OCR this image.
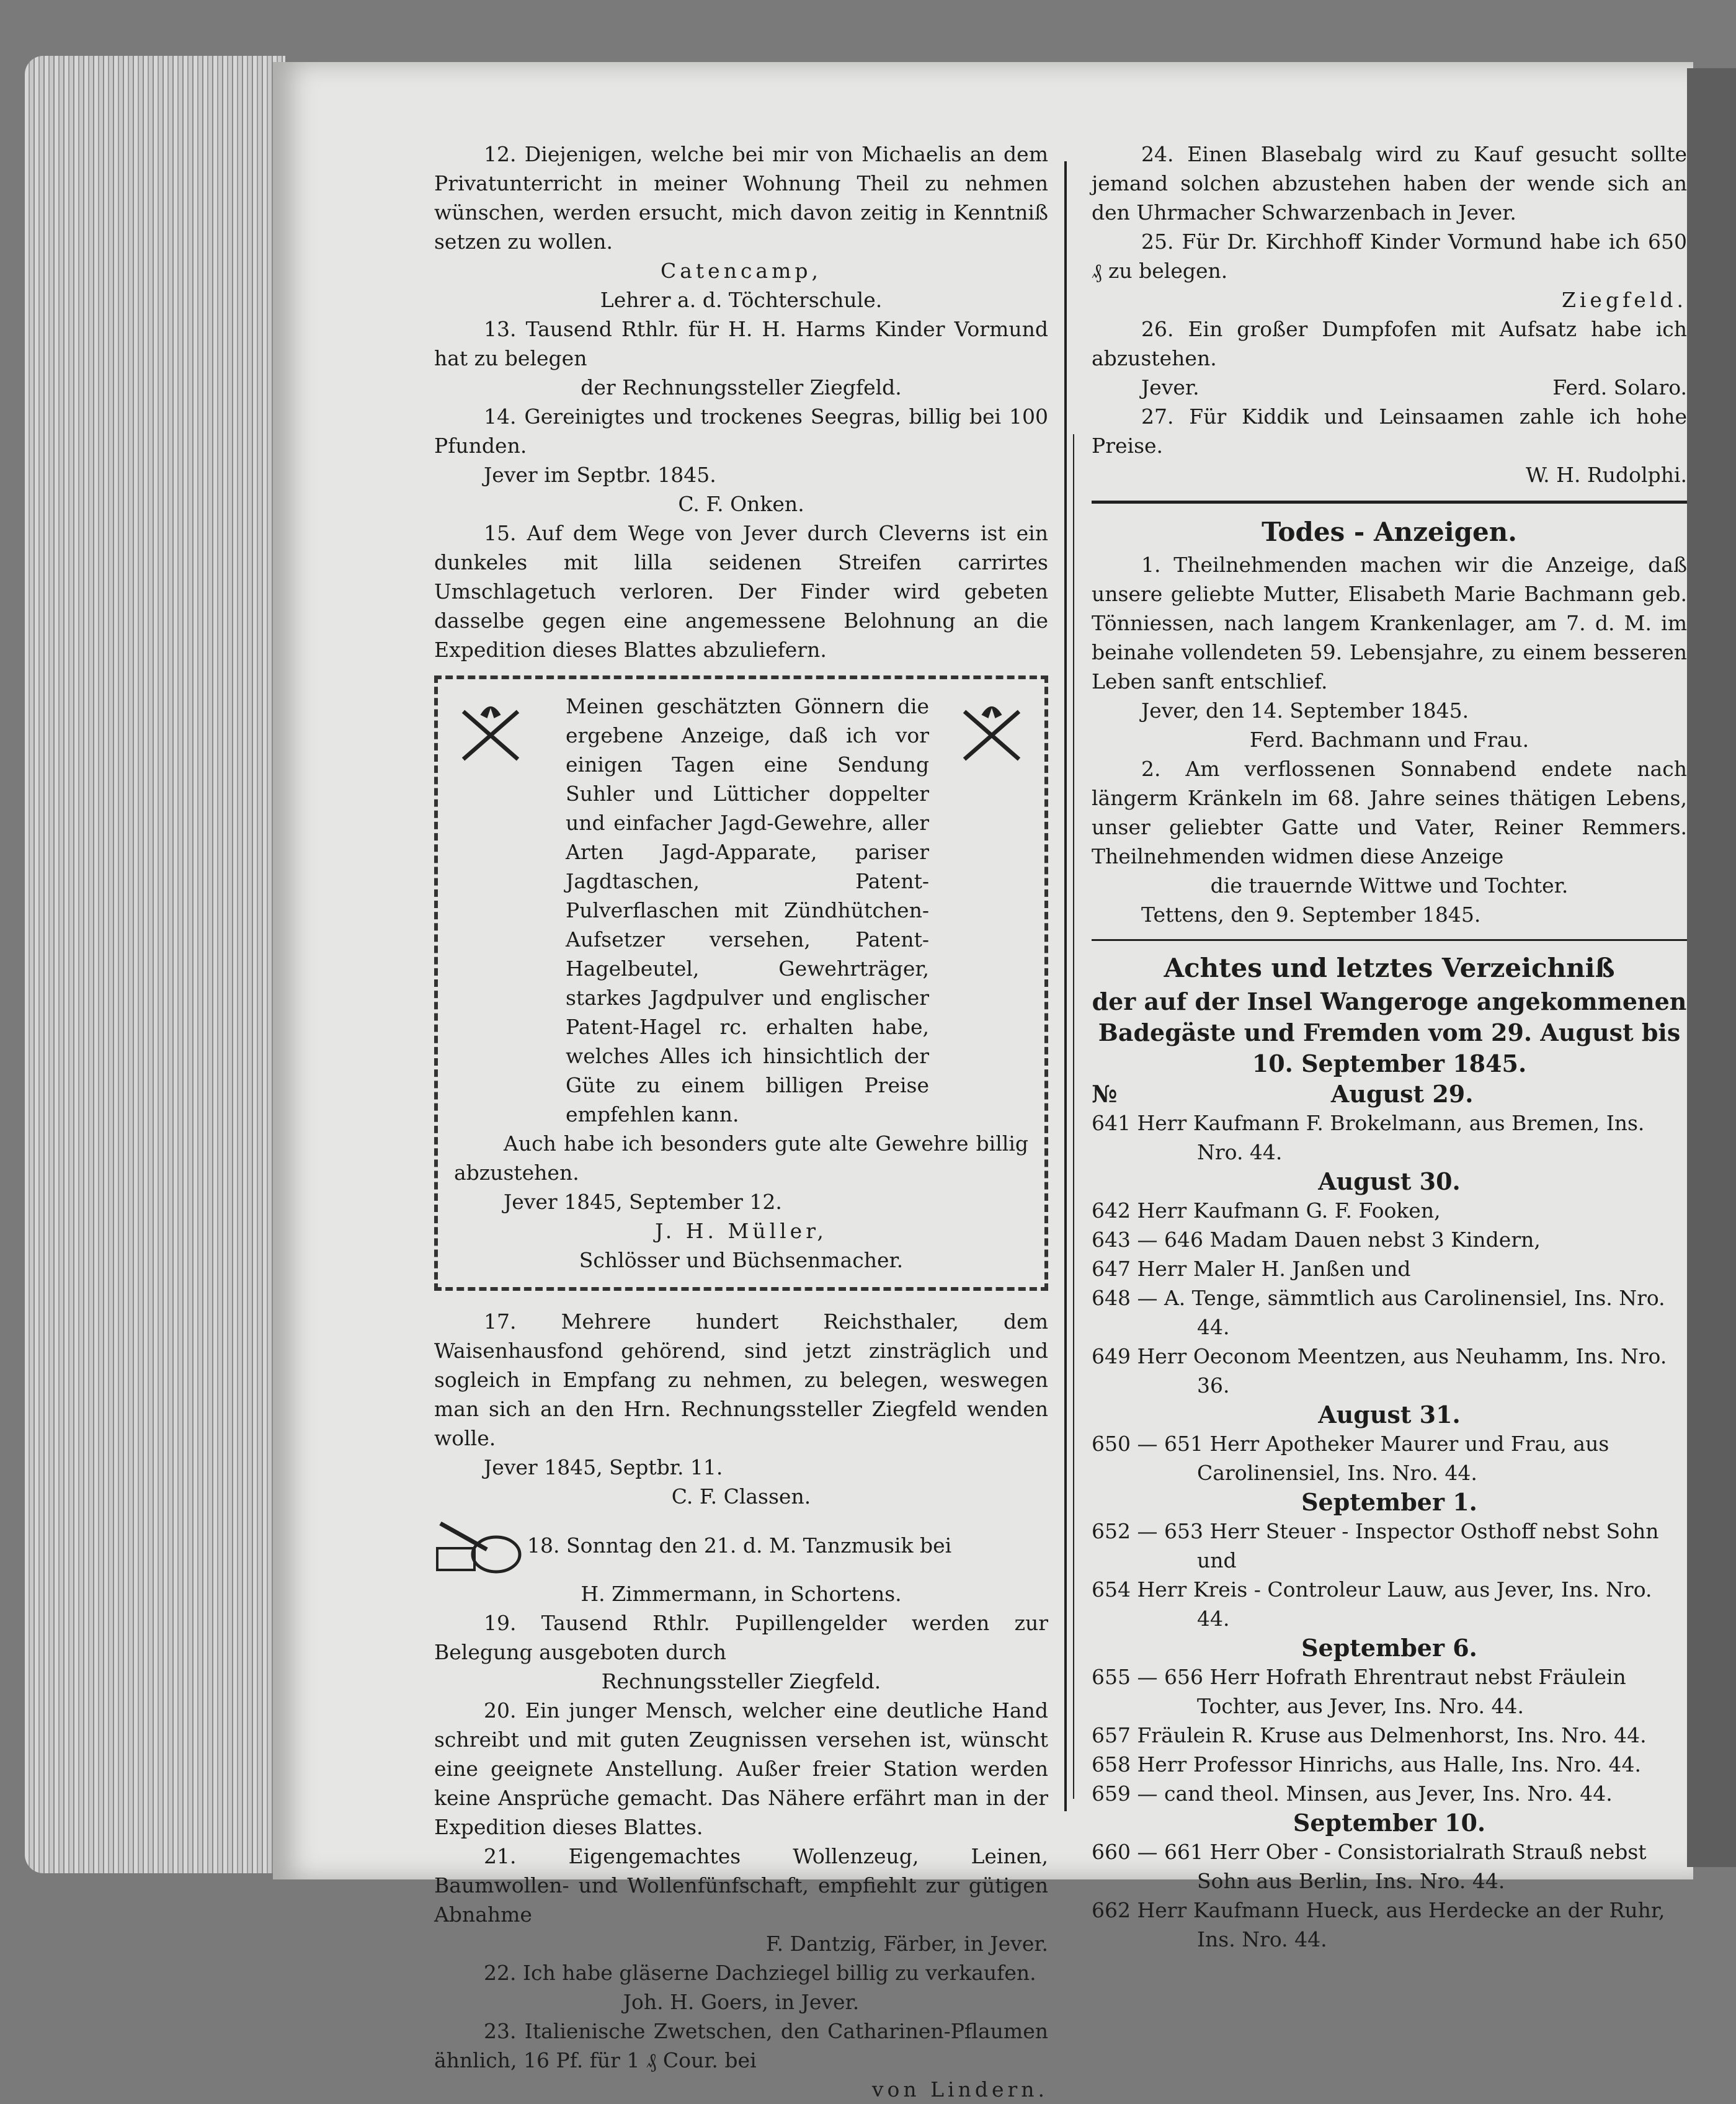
12. Diejenigen, welche bei mir von Michaelis an dem Privatunterricht in meiner Wohnung Theil zu nehmen wünschen, werden ersucht, mich davon zeitig in Kenntniß setzen zu wollen.

Catencamp,

Lehrer a. d. Töchterschule.

13. Tausend Rthlr. für H. H. Harms Kinder Vormund hat zu belegen

der Rechnungssteller Ziegfeld.

14. Gereinigtes und trockenes Seegras, billig bei 100 Pfunden.

Jever im Septbr. 1845.

C. F. Onken.

15. Auf dem Wege von Jever durch Cleverns ist ein dunkeles mit lilla seidenen Streifen carrirtes Umschlagetuch verloren. Der Finder wird gebeten dasselbe gegen eine angemessene Belohnung an die Expedition dieses Blattes abzuliefern.

Meinen geschätzten Gönnern die ergebene Anzeige, daß ich vor einigen Tagen eine Sendung Suhler und Lütticher doppelter und einfacher Jagd-Gewehre, aller Arten Jagd-Apparate, pariser Jagdtaschen, Patent-Pulverflaschen mit Zündhütchen-Aufsetzer versehen, Patent-Hagelbeutel, Gewehrträger, starkes Jagdpulver und englischer Patent-Hagel rc. erhalten habe, welches Alles ich hinsichtlich der Güte zu einem billigen Preise empfehlen kann.

Auch habe ich besonders gute alte Gewehre billig abzustehen.

Jever 1845, September 12.

J. H. Müller,

Schlösser und Büchsenmacher.

17. Mehrere hundert Reichsthaler, dem Waisenhausfond gehörend, sind jetzt zinsträglich und sogleich in Empfang zu nehmen, zu belegen, weswegen man sich an den Hrn. Rechnungssteller Ziegfeld wenden wolle.

Jever 1845, Septbr. 11.

C. F. Classen.

18. Sonntag den 21. d. M. Tanzmusik bei

H. Zimmermann, in Schortens.

19. Tausend Rthlr. Pupillengelder werden zur Belegung ausgeboten durch

Rechnungssteller Ziegfeld.

20. Ein junger Mensch, welcher eine deutliche Hand schreibt und mit guten Zeugnissen versehen ist, wünscht eine geeignete Anstellung. Außer freier Station werden keine Ansprüche gemacht. Das Nähere erfährt man in der Expedition dieses Blattes.

21. Eigengemachtes Wollenzeug, Leinen, Baumwollen- und Wollenfünfschaft, empfiehlt zur gütigen Abnahme

F. Dantzig, Färber, in Jever.

22. Ich habe gläserne Dachziegel billig zu verkaufen.

Joh. H. Goers, in Jever.

23. Italienische Zwetschen, den Catharinen-Pflaumen ähnlich, 16 Pf. für 1 ₰ Cour. bei

von Lindern.

24. Einen Blasebalg wird zu Kauf gesucht sollte jemand solchen abzustehen haben der wende sich an den Uhrmacher Schwarzenbach in Jever.

25. Für Dr. Kirchhoff Kinder Vormund habe ich 650 ₰ zu belegen.

Ziegfeld.

26. Ein großer Dumpfofen mit Aufsatz habe ich abzustehen.

Jever.	Ferd. Solaro.

27. Für Kiddik und Leinsaamen zahle ich hohe Preise.

W. H. Rudolphi.

Todes - Anzeigen.

1. Theilnehmenden machen wir die Anzeige, daß unsere geliebte Mutter, Elisabeth Marie Bachmann geb. Tönniessen, nach langem Krankenlager, am 7. d. M. im beinahe vollendeten 59. Lebensjahre, zu einem besseren Leben sanft entschlief.

Jever, den 14. September 1845.

Ferd. Bachmann und Frau.

2. Am verflossenen Sonnabend endete nach längerm Kränkeln im 68. Jahre seines thätigen Lebens, unser geliebter Gatte und Vater, Reiner Remmers. Theilnehmenden widmen diese Anzeige

die trauernde Wittwe und Tochter.

Tettens, den 9. September 1845.

Achtes und letztes Verzeichniß

der auf der Insel Wangeroge angekommenen Badegäste und Fremden vom 29. August bis 10. September 1845.

№	August 29.

641 Herr Kaufmann F. Brokelmann, aus Bremen, Ins. Nro. 44.

August 30.

642 Herr Kaufmann G. F. Fooken,

643 — 646 Madam Dauen nebst 3 Kindern,

647 Herr Maler H. Janßen und

648 — A. Tenge, sämmtlich aus Carolinensiel, Ins. Nro. 44.

649 Herr Oeconom Meentzen, aus Neuhamm, Ins. Nro. 36.

August 31.

650 — 651 Herr Apotheker Maurer und Frau, aus Carolinensiel, Ins. Nro. 44.

September 1.

652 — 653 Herr Steuer - Inspector Osthoff nebst Sohn und

654 Herr Kreis - Controleur Lauw, aus Jever, Ins. Nro. 44.

September 6.

655 — 656 Herr Hofrath Ehrentraut nebst Fräulein Tochter, aus Jever, Ins. Nro. 44.

657 Fräulein R. Kruse aus Delmenhorst, Ins. Nro. 44.

658 Herr Professor Hinrichs, aus Halle, Ins. Nro. 44.

659 — cand theol. Minsen, aus Jever, Ins. Nro. 44.

September 10.

660 — 661 Herr Ober - Consistorialrath Strauß nebst Sohn aus Berlin, Ins. Nro. 44.

662 Herr Kaufmann Hueck, aus Herdecke an der Ruhr, Ins. Nro. 44.
